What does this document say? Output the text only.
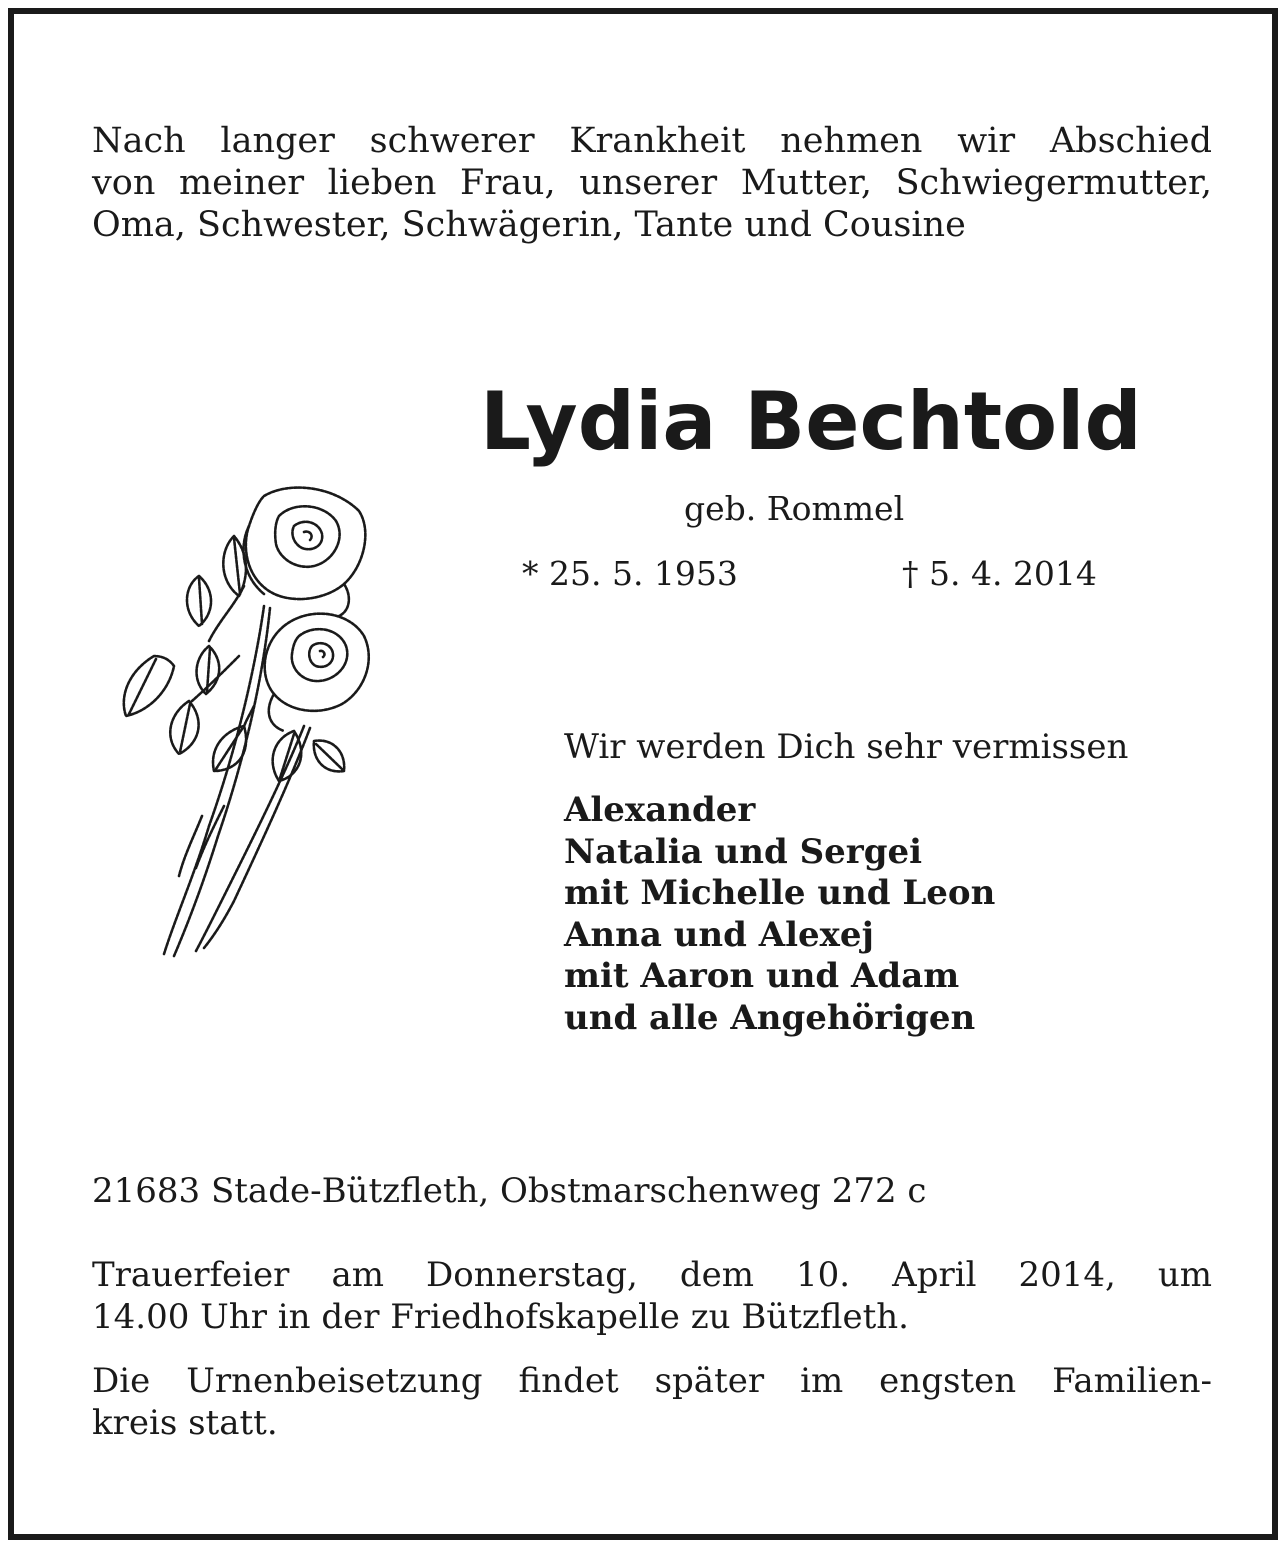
Nach langer schwerer Krankheit nehmen wir Abschied
von meiner lieben Frau, unserer Mutter, Schwiegermutter,
Oma, Schwester, Schwägerin, Tante und Cousine
Lydia Bechtold
geb. Rommel
* 25. 5. 1953	† 5. 4. 2014
Wir werden Dich sehr vermissen
Alexander
Natalia und Sergei
mit Michelle und Leon
Anna und Alexej
mit Aaron und Adam
und alle Angehörigen
21683 Stade-Bützfleth, Obstmarschenweg 272 c
Trauerfeier am Donnerstag, dem 10. April 2014, um
14.00 Uhr in der Friedhofskapelle zu Bützfleth.
Die Urnenbeisetzung findet später im engsten Familien-
kreis statt.
